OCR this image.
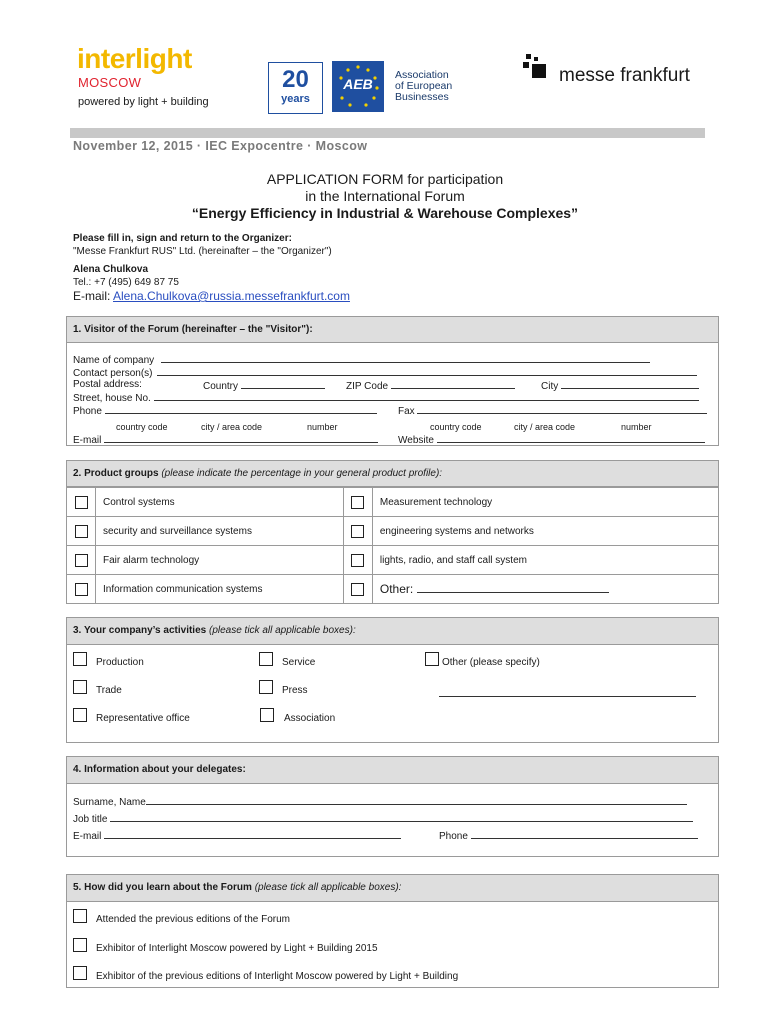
interlight
MOSCOW
powered by light + building
20
years
AEB
Association
of European
Businesses
messe frankfurt
November 12, 2015 · IEC Expocentre · Moscow
APPLICATION FORM for participation
in the International Forum
“Energy Efficiency in Industrial & Warehouse Complexes”
Please fill in, sign and return to the Organizer:
"Messe Frankfurt RUS" Ltd. (hereinafter – the "Organizer")
Alena Chulkova
Tel.: +7 (495) 649 87 75
E-mail: Alena.Chulkova@russia.messefrankfurt.com
1. Visitor of the Forum (hereinafter – the "Visitor"):
Name of company
Contact person(s)
Postal address:	Country	ZIP Code	City
Street, house No.
Phone	Fax
country code	city / area code	number	country code	city / area code	number
E-mail	Website
2. Product groups (please indicate the percentage in your general product profile):
	Control systems		Measurement technology
	security and surveillance systems		engineering systems and networks
	Fair alarm technology		lights, radio, and staff call system
	Information communication systems		Other:
3. Your company’s activities (please tick all applicable boxes):
Production	Service	Other (please specify)
Trade	Press
Representative office	Association
4. Information about your delegates:
Surname, Name
Job title
E-mail	Phone
5. How did you learn about the Forum (please tick all applicable boxes):
Attended the previous editions of the Forum
Exhibitor of Interlight Moscow powered by Light + Building 2015
Exhibitor of the previous editions of Interlight Moscow powered by Light + Building
